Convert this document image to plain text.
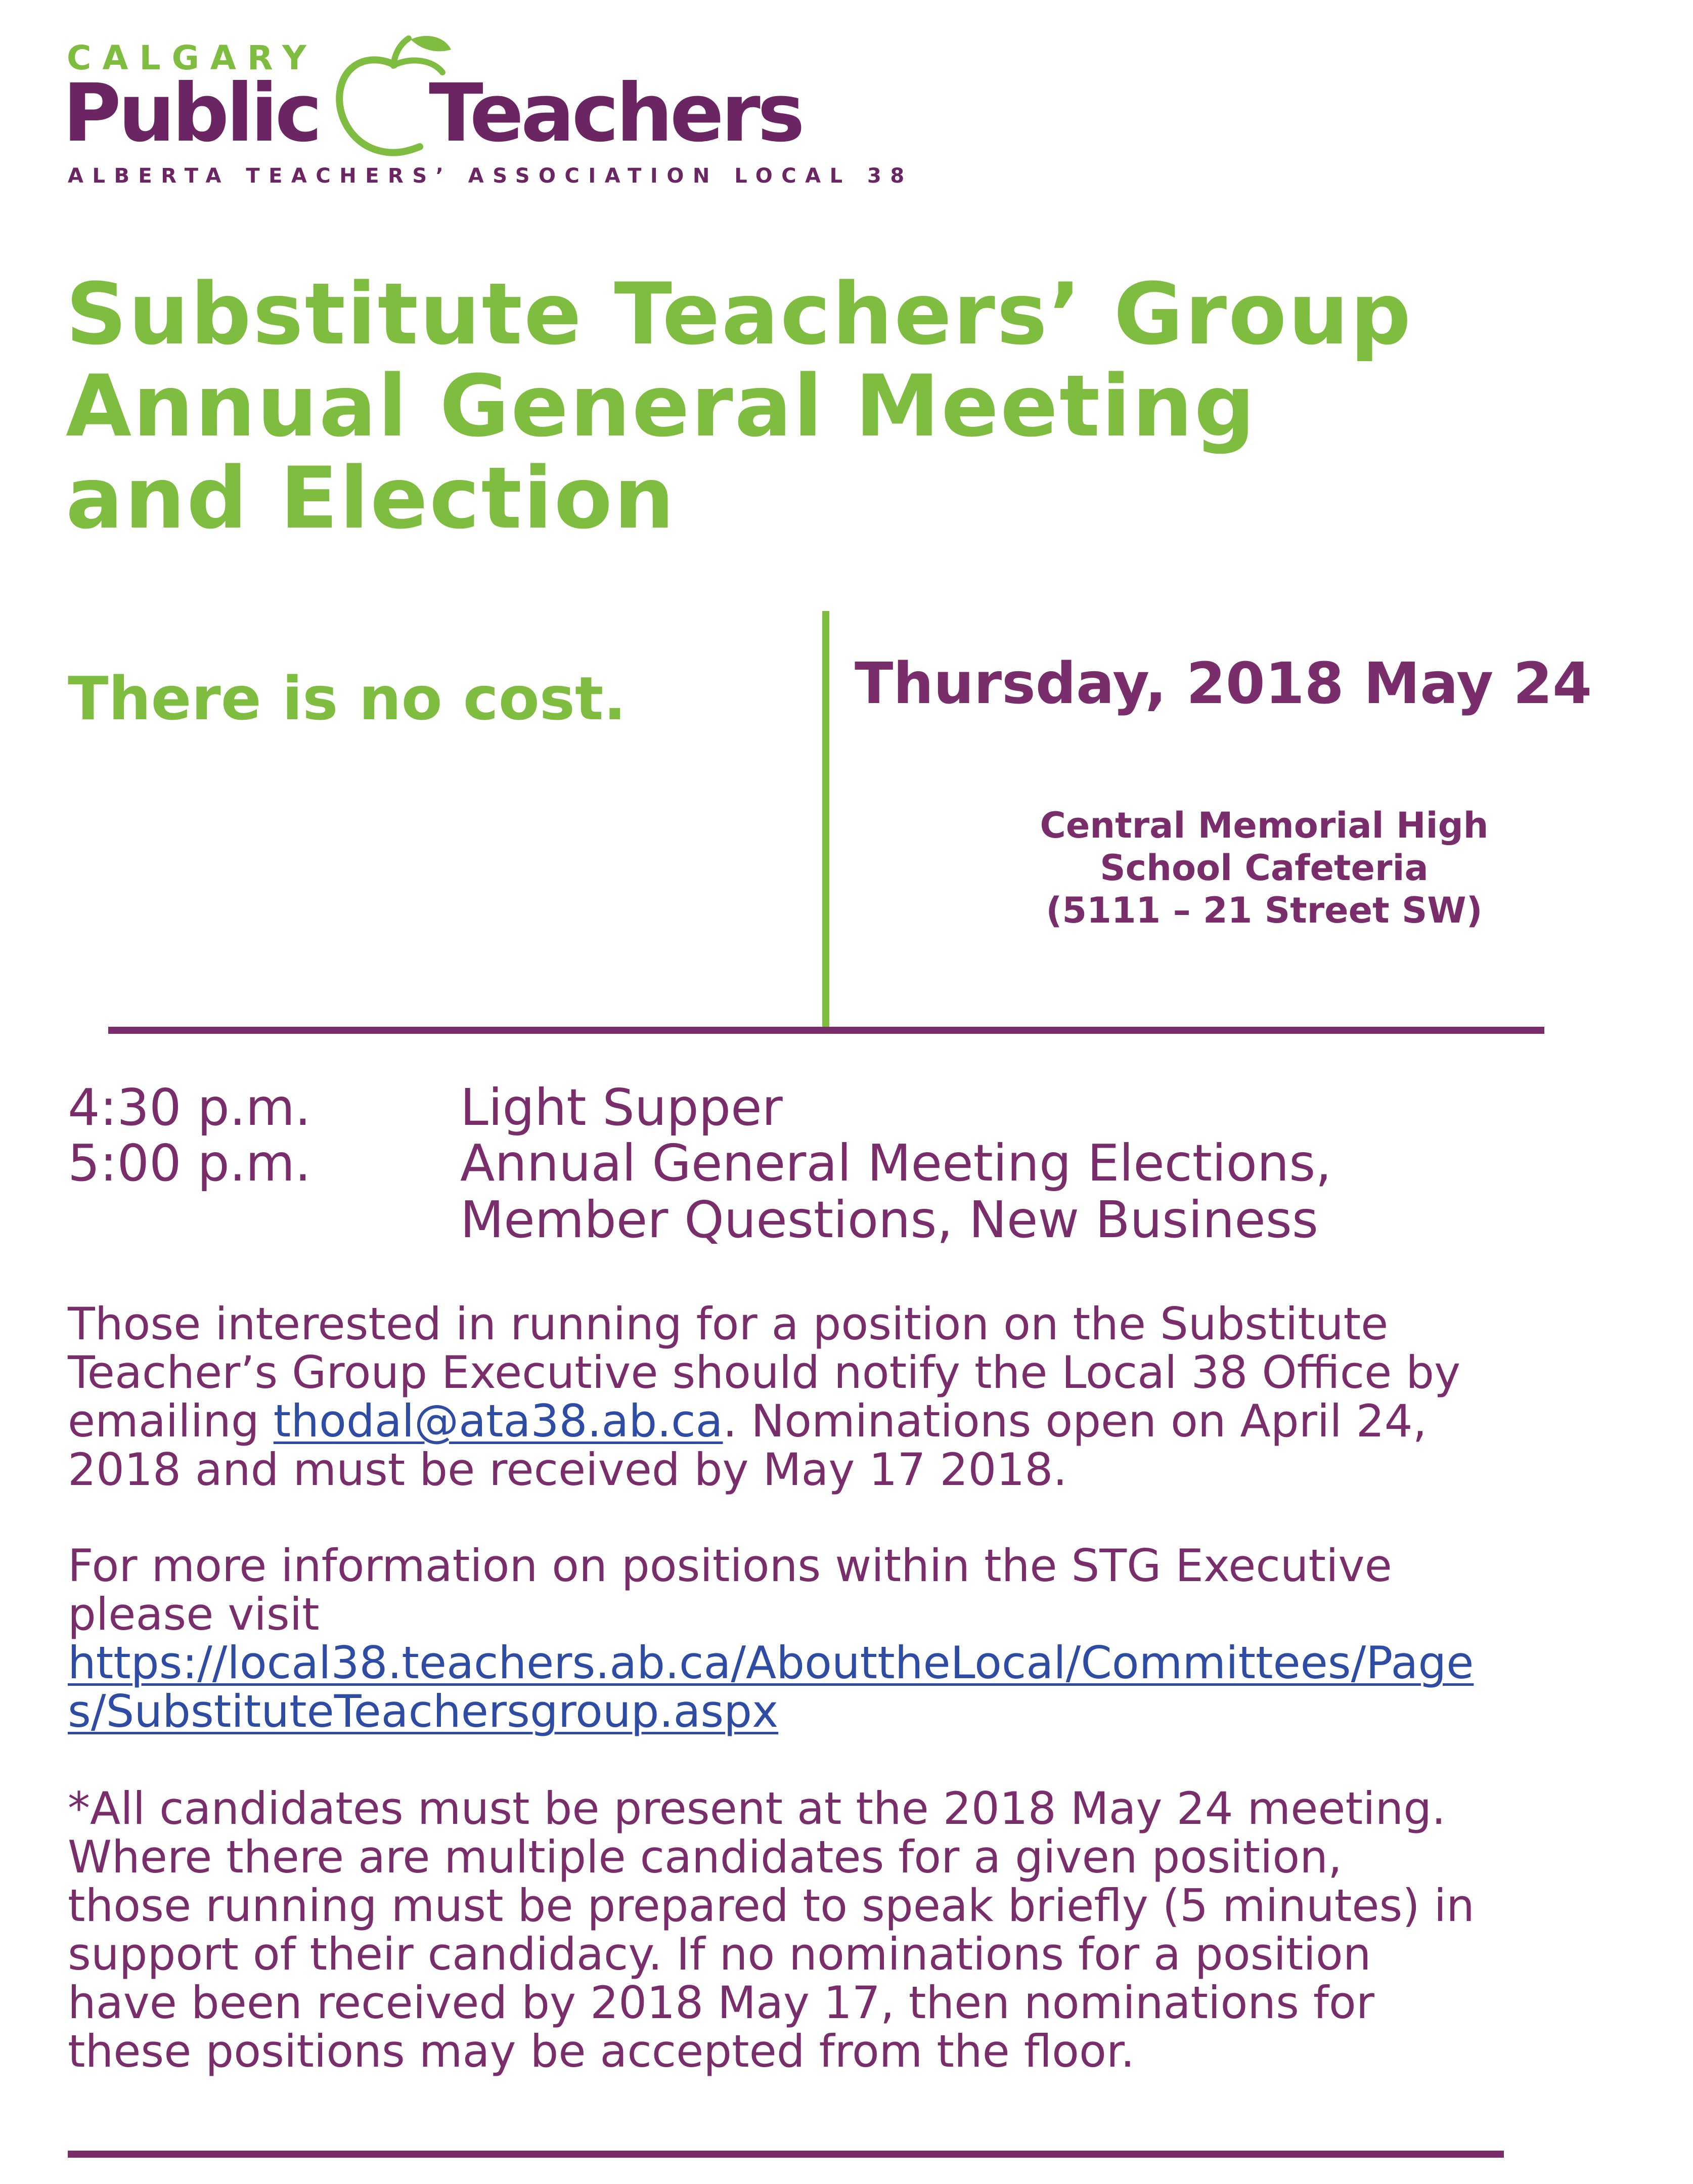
CALGARY
Public Teachers
ALBERTA TEACHERS’ ASSOCIATION LOCAL 38
Substitute Teachers’ Group
Annual General Meeting
and Election
There is no cost.	Thursday, 2018 May 24
Central Memorial High
School Cafeteria
(5111 – 21 Street SW)
4:30 p.m.	Light Supper
5:00 p.m.	Annual General Meeting Elections,
Member Questions, New Business
Those interested in running for a position on the Substitute
Teacher’s Group Executive should notify the Local 38 Office by
emailing thodal@ata38.ab.ca. Nominations open on April 24,
2018 and must be received by May 17 2018.
For more information on positions within the STG Executive
please visit
https://local38.teachers.ab.ca/AbouttheLocal/Committees/Page
s/SubstituteTeachersgroup.aspx
*All candidates must be present at the 2018 May 24 meeting.
Where there are multiple candidates for a given position,
those running must be prepared to speak briefly (5 minutes) in
support of their candidacy. If no nominations for a position
have been received by 2018 May 17, then nominations for
these positions may be accepted from the floor.
